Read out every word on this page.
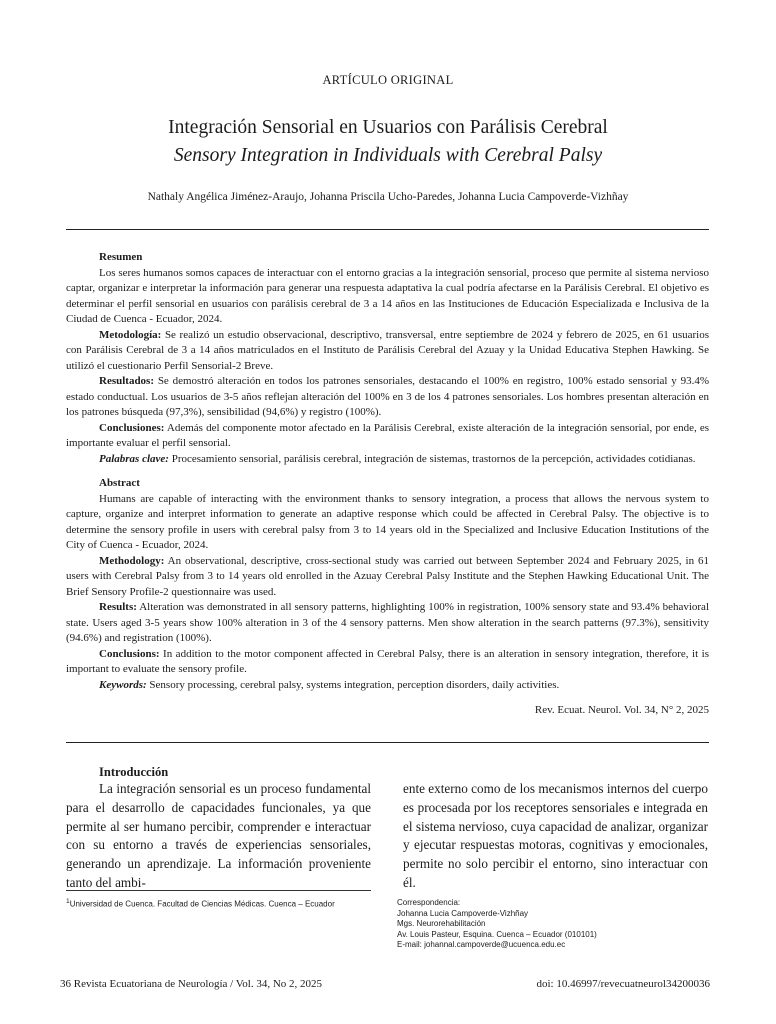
ARTÍCULO ORIGINAL
Integración Sensorial en Usuarios con Parálisis Cerebral
Sensory Integration in Individuals with Cerebral Palsy
Nathaly Angélica Jiménez-Araujo, Johanna Priscila Ucho-Paredes, Johanna Lucia Campoverde-Vizhñay
Resumen

Los seres humanos somos capaces de interactuar con el entorno gracias a la integración sensorial, proceso que permite al sistema nervioso captar, organizar e interpretar la información para generar una respuesta adaptativa la cual podría afectarse en la Parálisis Cerebral. El objetivo es determinar el perfil sensorial en usuarios con parálisis cerebral de 3 a 14 años en las Instituciones de Educación Especializada e Inclusiva de la Ciudad de Cuenca - Ecuador, 2024.

Metodología: Se realizó un estudio observacional, descriptivo, transversal, entre septiembre de 2024 y febrero de 2025, en 61 usuarios con Parálisis Cerebral de 3 a 14 años matriculados en el Instituto de Parálisis Cerebral del Azuay y la Unidad Educativa Stephen Hawking. Se utilizó el cuestionario Perfil Sensorial-2 Breve.

Resultados: Se demostró alteración en todos los patrones sensoriales, destacando el 100% en registro, 100% estado sensorial y 93.4% estado conductual. Los usuarios de 3-5 años reflejan alteración del 100% en 3 de los 4 patrones sensoriales. Los hombres presentan alteración en los patrones búsqueda (97,3%), sensibilidad (94,6%) y registro (100%).

Conclusiones: Además del componente motor afectado en la Parálisis Cerebral, existe alteración de la integración sensorial, por ende, es importante evaluar el perfil sensorial.

Palabras clave: Procesamiento sensorial, parálisis cerebral, integración de sistemas, trastornos de la percepción, actividades cotidianas.

Abstract

Humans are capable of interacting with the environment thanks to sensory integration, a process that allows the nervous system to capture, organize and interpret information to generate an adaptive response which could be affected in Cerebral Palsy. The objective is to determine the sensory profile in users with cerebral palsy from 3 to 14 years old in the Specialized and Inclusive Education Institutions of the City of Cuenca - Ecuador, 2024.

Methodology: An observational, descriptive, cross-sectional study was carried out between September 2024 and February 2025, in 61 users with Cerebral Palsy from 3 to 14 years old enrolled in the Azuay Cerebral Palsy Institute and the Stephen Hawking Educational Unit. The Brief Sensory Profile-2 questionnaire was used.

Results: Alteration was demonstrated in all sensory patterns, highlighting 100% in registration, 100% sensory state and 93.4% behavioral state. Users aged 3-5 years show 100% alteration in 3 of the 4 sensory patterns. Men show alteration in the search patterns (97.3%), sensitivity (94.6%) and registration (100%).

Conclusions: In addition to the motor component affected in Cerebral Palsy, there is an alteration in sensory integration, therefore, it is important to evaluate the sensory profile.

Keywords: Sensory processing, cerebral palsy, systems integration, perception disorders, daily activities.

Rev. Ecuat. Neurol. Vol. 34, N° 2, 2025
Introducción

La integración sensorial es un proceso fundamental para el desarrollo de capacidades funcionales, ya que permite al ser humano percibir, comprender e interactuar con su entorno a través de experiencias sensoriales, generando un aprendizaje. La información proveniente tanto del ambi-

ente externo como de los mecanismos internos del cuerpo es procesada por los receptores sensoriales e integrada en el sistema nervioso, cuya capacidad de analizar, organizar y ejecutar respuestas motoras, cognitivas y emocionales, permite no solo percibir el entorno, sino interactuar con él.

$^1$Universidad de Cuenca. Facultad de Ciencias Médicas. Cuenca – Ecuador	Correspondencia:
Johanna Lucia Campoverde-Vizhñay
Mgs. Neurorehabilitación
Av. Louis Pasteur, Esquina. Cuenca – Ecuador (010101)
E-mail: johannal.campoverde@ucuenca.edu.ec
36 Revista Ecuatoriana de Neurología / Vol. 34, No 2, 2025	doi: 10.46997/revecuatneurol34200036
